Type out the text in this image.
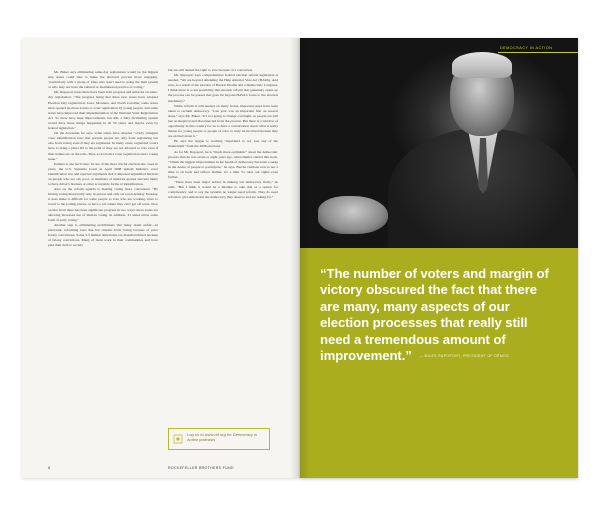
Mr. Baker says eliminating same-day registration would be the biggest step states could take to make the electoral process more engaging, "particularly with a group of folks who aren't used to using the mail system or who may not have the cultural or institutional practice of voting."

Mr. Rapoport notes there have been both progress and setbacks on same-day registration. "The progress being that three new states have adopted Election Day registration: Iowa, Montana, and North Carolina; some states have opened up more access to voter registration by young people, and some states have improved their implementation of the National Voter Registration Act. So there have been improvements, but still, a fully facilitating system would have those things happening in all 50 states and maybe even by federal legislation."

On the downside, he says, some states have adopted "overly stringent voter identification laws that prevent people not only from registering but also from voting even if they are registered. In many cases, registered voters have to bring a photo ID to the polls or they are not allowed to vote even if their names are on the rolls. That, as it's both a voter registration and a voting issue."

Indiana is one such state. In one of the most crucial election-law cases in years, the U.S. Supreme Court in April 2008 upheld Indiana's voter identification law and rejected arguments that it imposed unjustified burdens on people who are old, poor, or members of minority groups and less likely to have driver's licenses or other acceptable forms of identification.

Also on the reform agenda is making voting more convenient. "By having voting historically only in person and only on a non-holiday Tuesday, it does make it difficult for some people to vote who are working, have to travel to the polling places, or have a job where they can't get off work. Now on that front there has been significant progress in two ways: more states are allowing increased use of mail-in voting. In addition, 31 states allow some form of early voting."

Another step is eliminating prohibitions that many deem unfair—in particular, reforming laws that bar citizens from voting because of prior felony convictions. Some 5.3 million Americans are disenfranchised because of felony convictions. Many of them work in their communities and have paid their debt to society

but are still denied the right to vote because of a conviction.

Mr. Rapoport says comprehensive federal election reform legislation is needed. "We are beyond amending the Help America Vote Act (HAVA). And now, as a result of the election of Barack Obama and a Democratic Congress, I think there is a real possibility that election reform that genuinely opens up the process can be passed that goes far beyond HAVA's focus to the election machinery."

While reform is still needed on many fronts, important steps have been taken to reclaim democracy. "Last year was an important first on several steps," says Mr. Baker. "It's not going to change overnight, as people are still just as skeptical and disconnected from the process. But there is a window of opportunity in this country for us to have a conversation about what it really means for young people or people of color to truly be involved because they are excited about it."

He says the league is working "superhard to not lose any of the momentum" from the 2008 elections.

As for Mr. Rapoport, he is "much more optimistic" about the democratic process than he was seven or eight years ago, when Demos started this work. "I think the biggest improvement in the health of democracy has been a surge in the desire of people to participate," he says. But he cautions now is not a time to sit back and reflect. Rather, it's a time "to raise our sights even further.

"There have been major strides in making our democracy lively," he adds. "But I think it would be a mistake to take that as a reason for complacency and to say the systems no longer need reform. They do need reform to give Americans the democracy they deserve and are asking for."

Log on to www.rbf.org for Democracy in Action podcasts
8	ROCKEFELLER BROTHERS FUND
DEMOCRACY IN ACTION
“The number of voters and margin of victory obscured the fact that there are many, many aspects of our election processes that really still need a tremendous amount of improvement.” — MILES RAPOPORT, PRESIDENT OF DĒMOS
